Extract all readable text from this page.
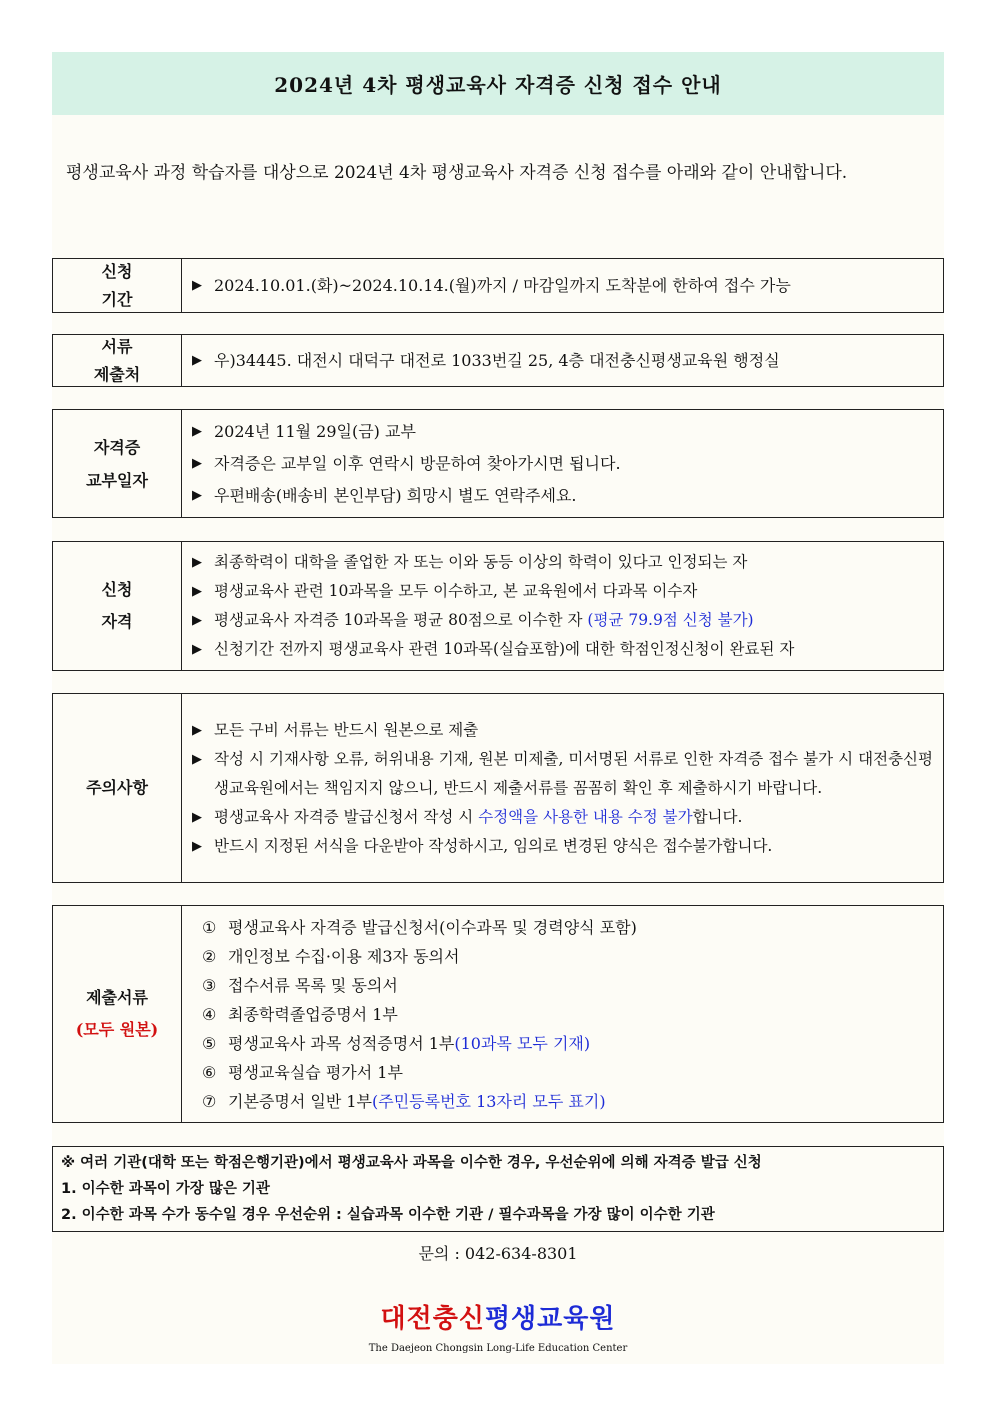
2024년 4차 평생교육사 자격증 신청 접수 안내
평생교육사 과정 학습자를 대상으로 2024년 4차 평생교육사 자격증 신청 접수를 아래와 같이 안내합니다.
신청
기간
▶ 2024.10.01.(화)~2024.10.14.(월)까지 / 마감일까지 도착분에 한하여 접수 가능
서류
제출처
▶ 우)34445. 대전시 대덕구 대전로 1033번길 25, 4층 대전충신평생교육원 행정실
자격증
교부일자
▶ 2024년 11월 29일(금) 교부
▶ 자격증은 교부일 이후 연락시 방문하여 찾아가시면 됩니다.
▶ 우편배송(배송비 본인부담) 희망시 별도 연락주세요.
신청
자격
▶ 최종학력이 대학을 졸업한 자 또는 이와 동등 이상의 학력이 있다고 인정되는 자
▶ 평생교육사 관련 10과목을 모두 이수하고, 본 교육원에서 다과목 이수자
▶ 평생교육사 자격증 10과목을 평균 80점으로 이수한 자 (평균 79.9점 신청 불가)
▶ 신청기간 전까지 평생교육사 관련 10과목(실습포함)에 대한 학점인정신청이 완료된 자
주의사항
▶ 모든 구비 서류는 반드시 원본으로 제출
▶ 작성 시 기재사항 오류, 허위내용 기재, 원본 미제출, 미서명된 서류로 인한 자격증 접수 불가 시 대전충신평생교육원에서는 책임지지 않으니, 반드시 제출서류를 꼼꼼히 확인 후 제출하시기 바랍니다.
▶ 평생교육사 자격증 발급신청서 작성 시 수정액을 사용한 내용 수정 불가합니다.
▶ 반드시 지정된 서식을 다운받아 작성하시고, 임의로 변경된 양식은 접수불가합니다.
제출서류
(모두 원본)
① 평생교육사 자격증 발급신청서(이수과목 및 경력양식 포함)
② 개인정보 수집·이용 제3자 동의서
③ 접수서류 목록 및 동의서
④ 최종학력졸업증명서 1부
⑤ 평생교육사 과목 성적증명서 1부(10과목 모두 기재)
⑥ 평생교육실습 평가서 1부
⑦ 기본증명서 일반 1부(주민등록번호 13자리 모두 표기)
※ 여러 기관(대학 또는 학점은행기관)에서 평생교육사 과목을 이수한 경우, 우선순위에 의해 자격증 발급 신청
1. 이수한 과목이 가장 많은 기관
2. 이수한 과목 수가 동수일 경우 우선순위 : 실습과목 이수한 기관 / 필수과목을 가장 많이 이수한 기관
문의 : 042-634-8301
대전충신평생교육원
The Daejeon Chongsin Long-Life Education Center
